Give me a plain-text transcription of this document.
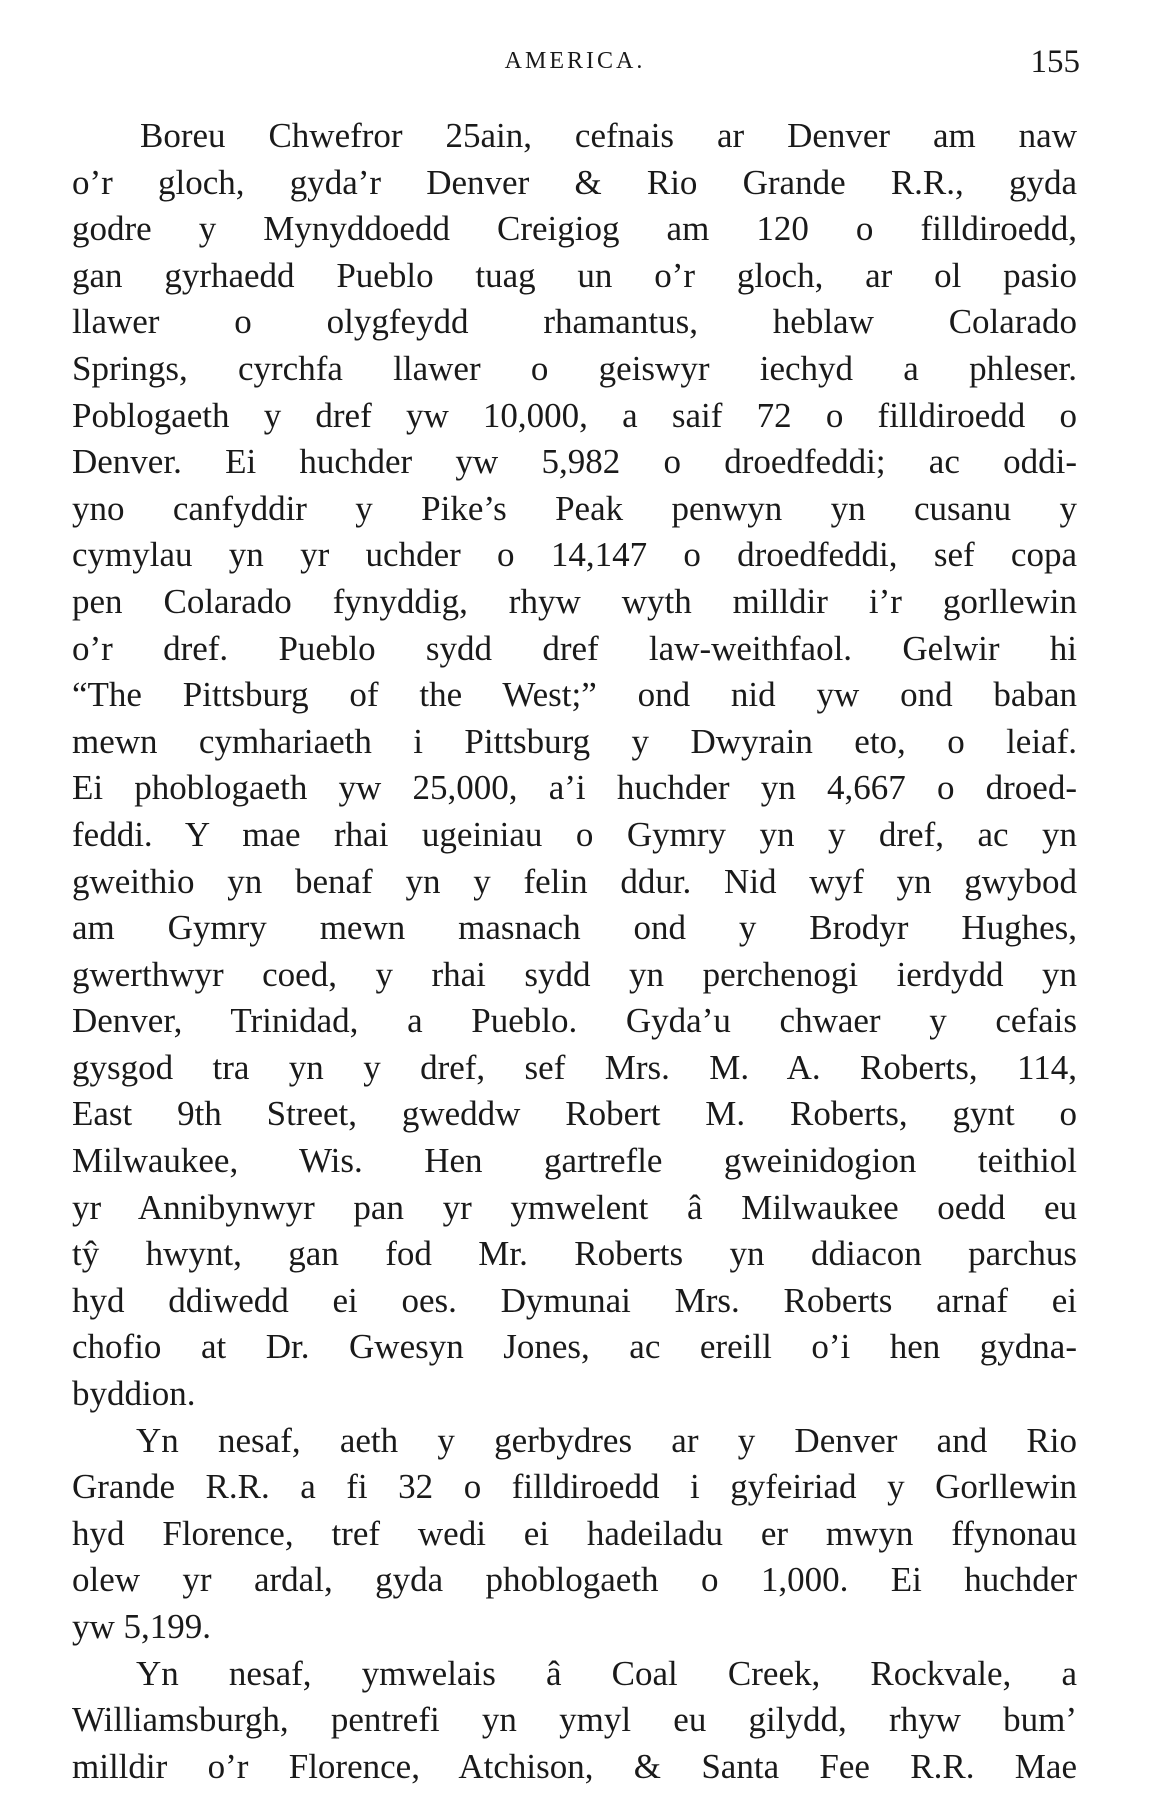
AMERICA.	155
Boreu Chwefror 25ain, cefnais ar Denver am naw
o’r gloch, gyda’r Denver & Rio Grande R.R., gyda
godre y Mynyddoedd Creigiog am 120 o filldiroedd,
gan gyrhaedd Pueblo tuag un o’r gloch, ar ol pasio
llawer o olygfeydd rhamantus, heblaw Colarado
Springs, cyrchfa llawer o geiswyr iechyd a phleser.
Poblogaeth y dref yw 10,000, a saif 72 o filldiroedd o
Denver. Ei huchder yw 5,982 o droedfeddi; ac oddi-
yno canfyddir y Pike’s Peak penwyn yn cusanu y
cymylau yn yr uchder o 14,147 o droedfeddi, sef copa
pen Colarado fynyddig, rhyw wyth milldir i’r gorllewin
o’r dref. Pueblo sydd dref law-weithfaol. Gelwir hi
“The Pittsburg of the West;” ond nid yw ond baban
mewn cymhariaeth i Pittsburg y Dwyrain eto, o leiaf.
Ei phoblogaeth yw 25,000, a’i huchder yn 4,667 o droed-
feddi. Y mae rhai ugeiniau o Gymry yn y dref, ac yn
gweithio yn benaf yn y felin ddur. Nid wyf yn gwybod
am Gymry mewn masnach ond y Brodyr Hughes,
gwerthwyr coed, y rhai sydd yn perchenogi ierdydd yn
Denver, Trinidad, a Pueblo. Gyda’u chwaer y cefais
gysgod tra yn y dref, sef Mrs. M. A. Roberts, 114,
East 9th Street, gweddw Robert M. Roberts, gynt o
Milwaukee, Wis. Hen gartrefle gweinidogion teithiol
yr Annibynwyr pan yr ymwelent â Milwaukee oedd eu
tŷ hwynt, gan fod Mr. Roberts yn ddiacon parchus
hyd ddiwedd ei oes. Dymunai Mrs. Roberts arnaf ei
chofio at Dr. Gwesyn Jones, ac ereill o’i hen gydna-
byddion.
Yn nesaf, aeth y gerbydres ar y Denver and Rio
Grande R.R. a fi 32 o filldiroedd i gyfeiriad y Gorllewin
hyd Florence, tref wedi ei hadeiladu er mwyn ffynonau
olew yr ardal, gyda phoblogaeth o 1,000. Ei huchder
yw 5,199.
Yn nesaf, ymwelais â Coal Creek, Rockvale, a
Williamsburgh, pentrefi yn ymyl eu gilydd, rhyw bum’
milldir o’r Florence, Atchison, & Santa Fee R.R. Mae
